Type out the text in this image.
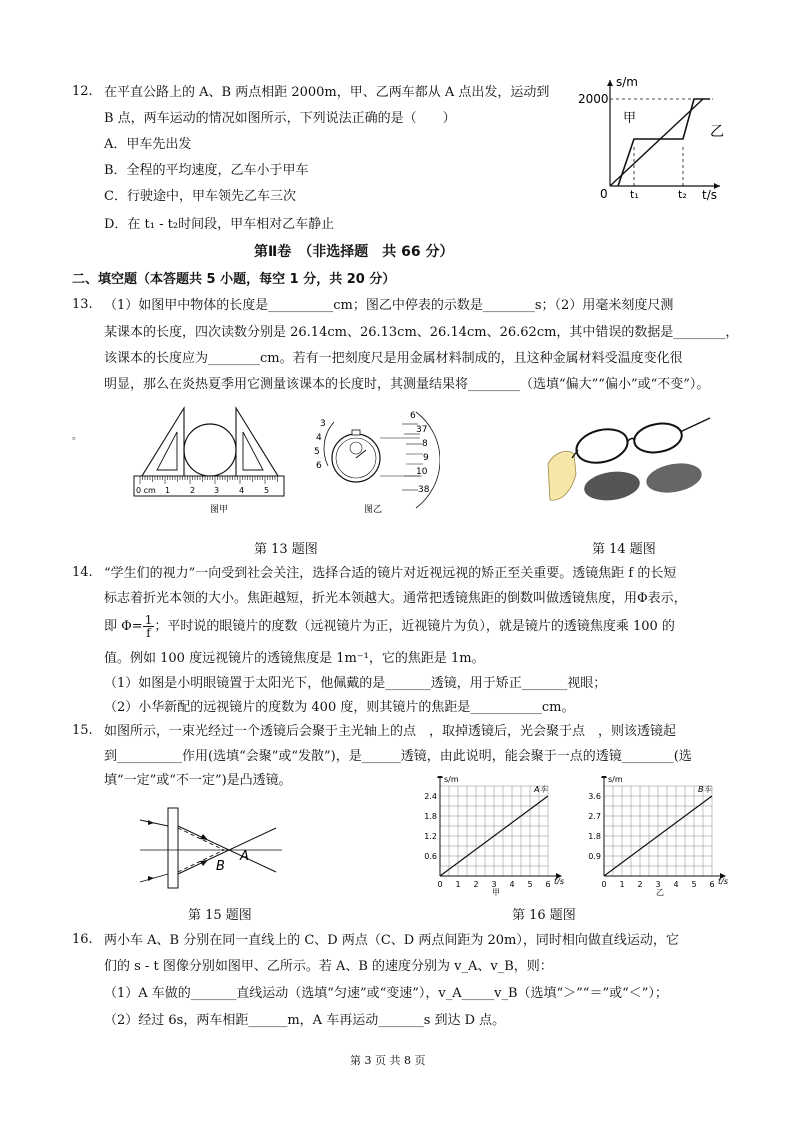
12. 在平直公路上的 A、B 两点相距 2000m，甲、乙两车都从 A 点出发，运动到
B 点，两车运动的情况如图所示，下列说法正确的是（　　）
A．甲车先出发
B．全程的平均速度，乙车小于甲车
C．行驶途中，甲车领先乙车三次
D．在 t₁ - t₂时间段，甲车相对乙车静止
s/m
2000
0 t₁	t₂ t/s
甲
乙
第Ⅱ卷　（非选择题　共 66 分）
二、填空题（本答题共 5 小题，每空 1 分，共 20 分）
13. （1）如图甲中物体的长度是__________cm；图乙中停表的示数是________s；（2）用毫米刻度尺测
某课本的长度，四次读数分别是 26.14cm、26.13cm、26.14cm、26.62cm，其中错误的数据是________，
该课本的长度应为________cm。若有一把刻度尺是用金属材料制成的，且这种金属材料受温度变化很
明显，那么在炎热夏季用它测量该课本的长度时，其测量结果将________（选填“偏大”“偏小”或“不变”）。
。
0 cm 1 2 3 4 5
图甲
3
4
5
6
6
37
8
9
10
38
图乙
第 13 题图	第 14 题图
14. “学生们的视力”一向受到社会关注，选择合适的镜片对近视远视的矫正至关重要。透镜焦距 f 的长短
标志着折光本领的大小。焦距越短，折光本领越大。通常把透镜焦距的倒数叫做透镜焦度，用Φ表示，
即 $\Phi= \frac{1}{f}$ ；平时说的眼镜片的度数（远视镜片为正，近视镜片为负），就是镜片的透镜焦度乘 100 的
值。例如 100 度远视镜片的透镜焦度是 1m⁻¹，它的焦距是 1m。
（1）如图是小明眼镜置于太阳光下，他佩戴的是_______透镜，用于矫正_______视眼；
（2）小华新配的远视镜片的度数为 400 度，则其镜片的焦距是___________cm。
15. 如图所示，一束光经过一个透镜后会聚于主光轴上的点　，取掉透镜后，光会聚于点　，则该透镜起
到__________作用(选填“会聚”或“发散”)，是______透镜，由此说明，能会聚于一点的透镜________(选
填“一定”或“不一定”)是凸透镜。
A
B
第 15 题图
2.4
1.8
1.2
0.6
0 1 2 3 4 5 6
s/m
t/s
A车
甲
3.6
2.7
1.8
0.9
0 1 2 3 4 5 6
s/m
t/s
B车
乙
第 16 题图
16. 两小车 A、B 分别在同一直线上的 C、D 两点（C、D 两点间距为 20m），同时相向做直线运动，它
们的 s - t 图像分别如图甲、乙所示。若 A、B 的速度分别为 v_A、v_B，则：
（1）A 车做的_______直线运动（选填“匀速”或“变速”），v_A_____v_B（选填“＞”“＝”或“＜”）；
（2）经过 6s，两车相距______m，A 车再运动_______s 到达 D 点。
第 3 页 共 8 页
